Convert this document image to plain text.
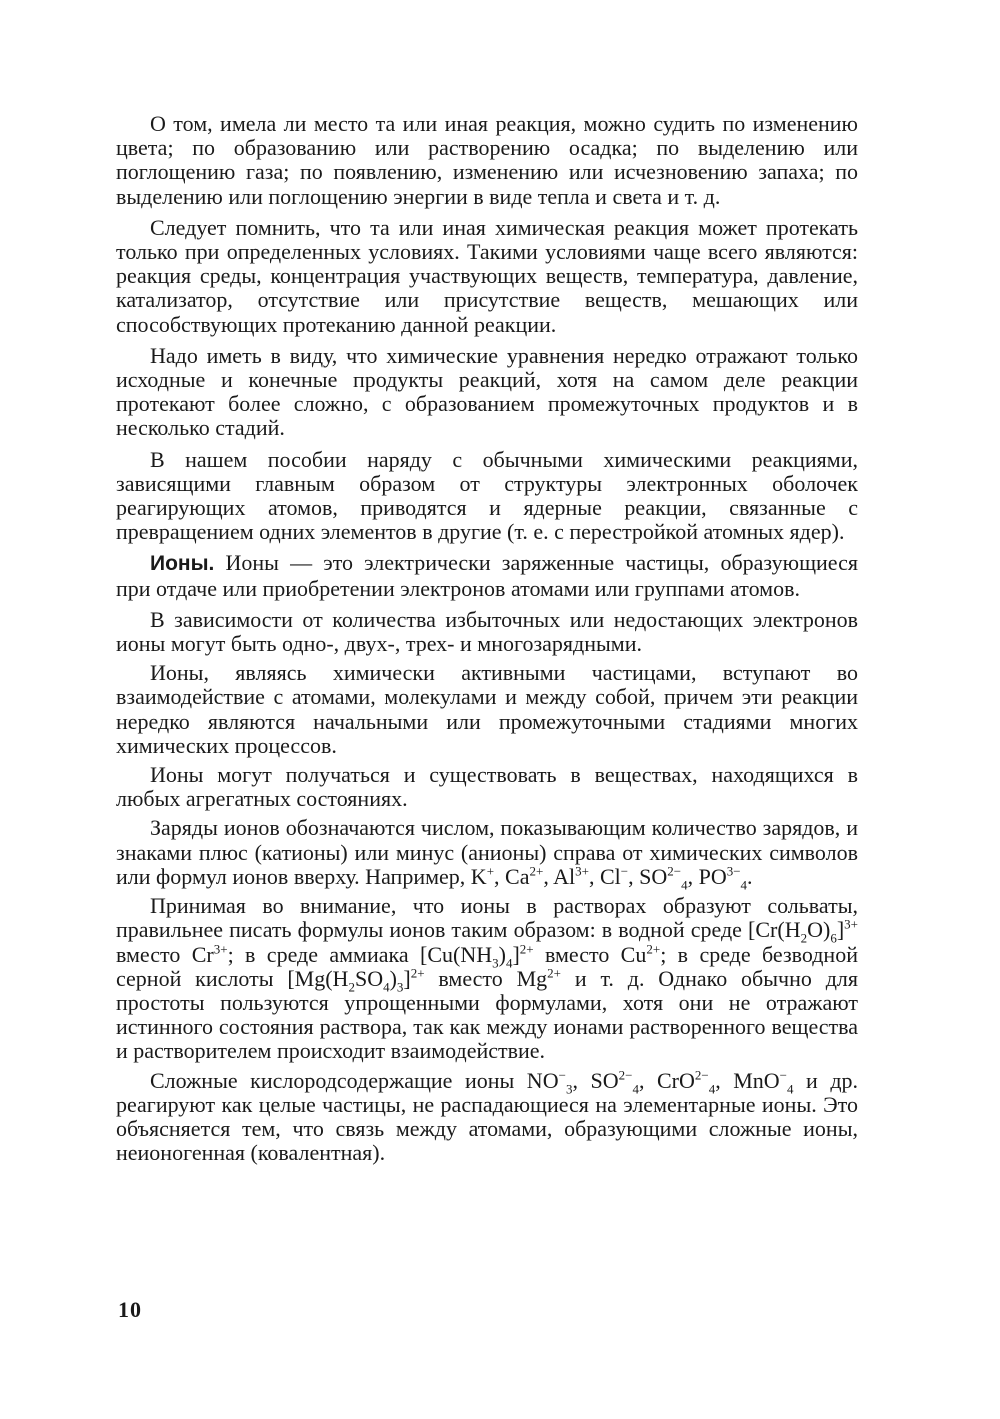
О том, имела ли место та или иная реакция, можно судить по изменению цвета; по образованию или растворению осадка; по выделению или поглощению газа; по появлению, изменению или исчезновению запаха; по выделению или поглощению энергии в виде тепла и света и т. д.

Следует помнить, что та или иная химическая реакция может протекать только при определенных условиях. Такими условиями чаще всего являются: реакция среды, концентрация участвующих веществ, температура, давление, катализатор, отсутствие или присутствие веществ, мешающих или способствующих протеканию данной реакции.

Надо иметь в виду, что химические уравнения нередко отражают только исходные и конечные продукты реакций, хотя на самом деле реакции протекают более сложно, с образованием промежуточных продуктов и в несколько стадий.

В нашем пособии наряду с обычными химическими реакциями, зависящими главным образом от структуры электронных оболочек реагирующих атомов, приводятся и ядерные реакции, связанные с превращением одних элементов в другие (т. е. с перестройкой атомных ядер).

Ионы. Ионы — это электрически заряженные частицы, образующиеся при отдаче или приобретении электронов атомами или группами атомов.

В зависимости от количества избыточных или недостающих электронов ионы могут быть одно-, двух-, трех- и многозарядными.

Ионы, являясь химически активными частицами, вступают во взаимодействие с атомами, молекулами и между собой, причем эти реакции нередко являются начальными или промежуточными стадиями многих химических процессов.

Ионы могут получаться и существовать в веществах, находящихся в любых агрегатных состояниях.

Заряды ионов обозначаются числом, показывающим количество зарядов, и знаками плюс (катионы) или минус (анионы) справа от химических символов или формул ионов вверху. Например, K+, $Ca^{2+}$, $Al^{3+}$, Cl−, $SO^{2-}_4$, $PO^{3-}_4$.

Принимая во внимание, что ионы в растворах образуют сольваты, правильнее писать формулы ионов таким образом: в водной среде $[Cr(H_2O)_6]^{3+}$ вместо $Cr^{3+}$; в среде аммиака $[Cu(NH_3)_4]^{2+}$ вместо $Cu^{2+}$; в среде безводной серной кислоты $[Mg(H_2SO_4)_3]^{2+}$ вместо $Mg^{2+}$ и т. д. Однако обычно для простоты пользуются упрощенными формулами, хотя они не отражают истинного состояния раствора, так как между ионами растворенного вещества и растворителем происходит взаимодействие.

Сложные кислородсодержащие ионы $NO^-_3$, $SO^{2-}_4$, CrO$^{2-}_4$, MnO−$_4$ и др. реагируют как целые частицы, не распадающиеся на элементарные ионы. Это объясняется тем, что связь между атомами, образующими сложные ионы, неионогенная (ковалентная).

10
